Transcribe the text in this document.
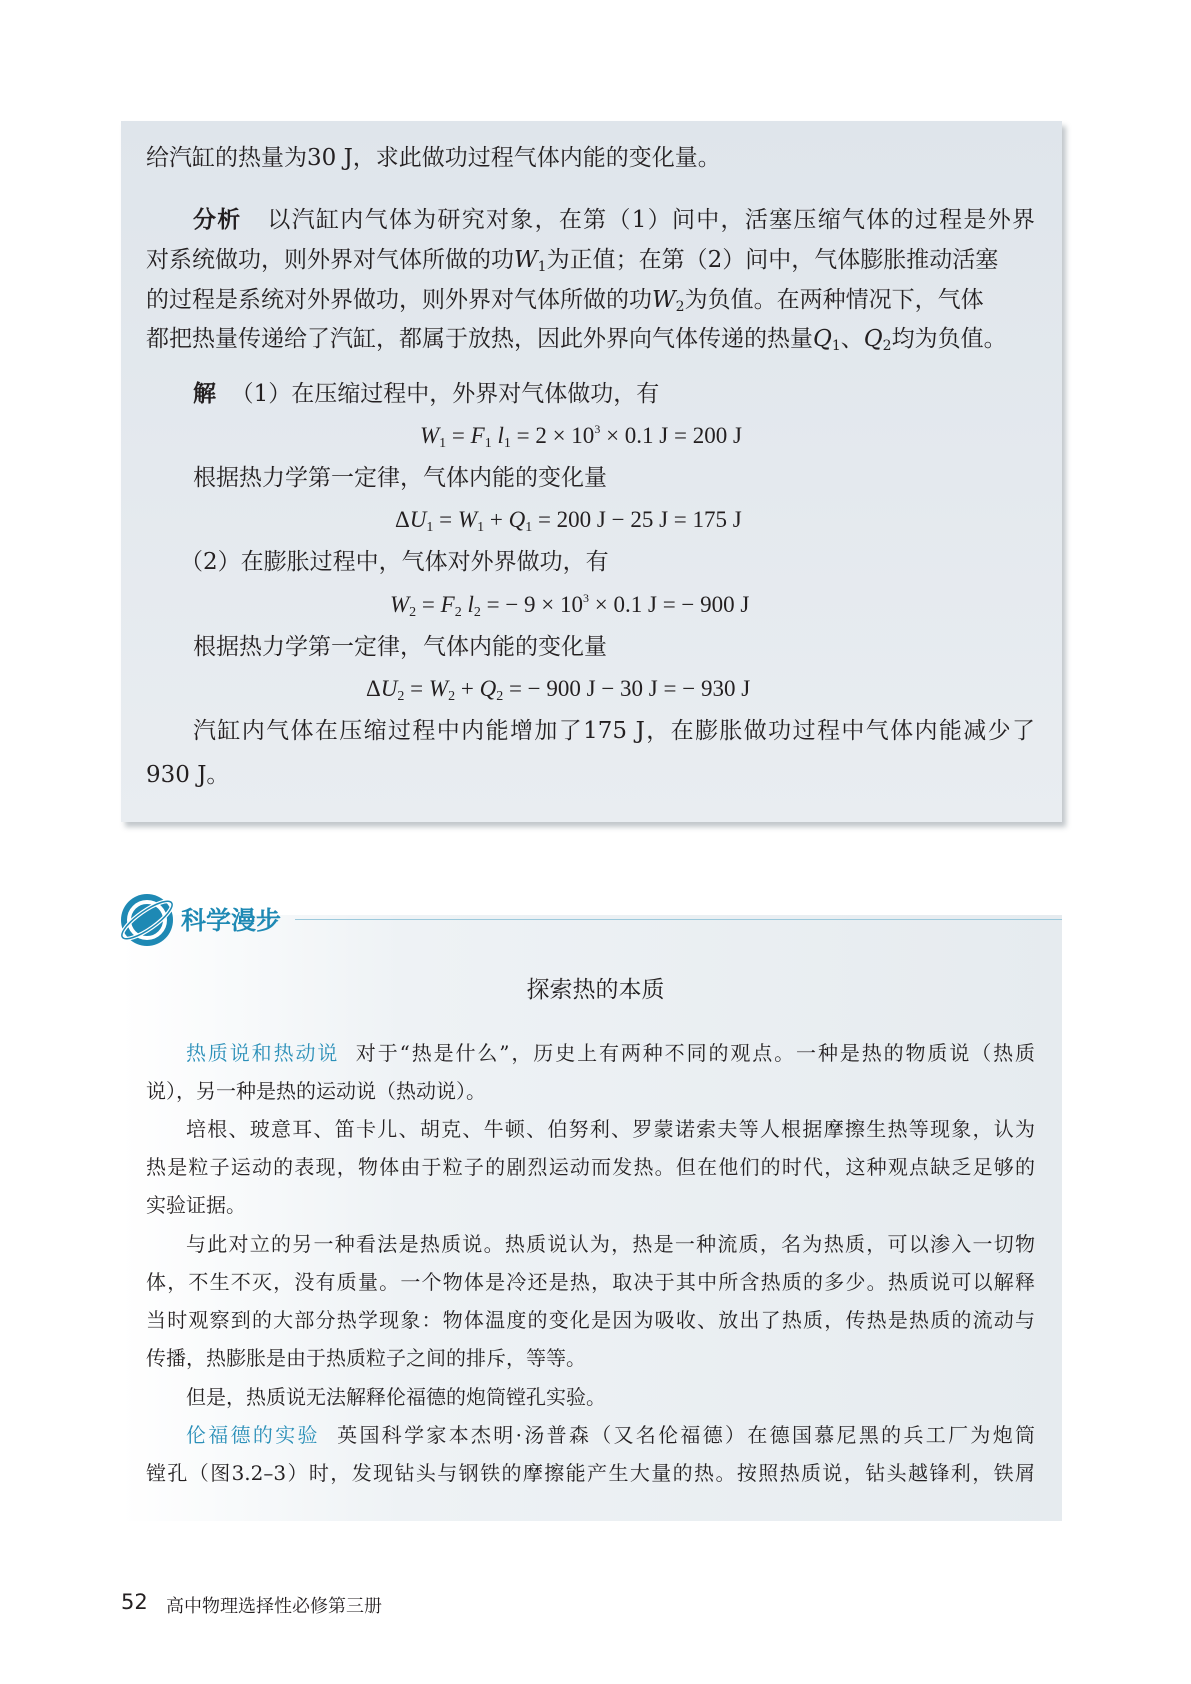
给汽缸的热量为30 J，求此做功过程气体内能的变化量。
分析 以汽缸内气体为研究对象，在第（1）问中，活塞压缩气体的过程是外界
对系统做功，则外界对气体所做的功$W_1$为正值；在第（2）问中，气体膨胀推动活塞
的过程是系统对外界做功，则外界对气体所做的功$W_2$为负值。在两种情况下，气体
都把热量传递给了汽缸，都属于放热，因此外界向气体传递的热量$Q_1$、$Q_2$均为负值。
解 （1）在压缩过程中，外界对气体做功，有
$W_1 = F_1$ $l_1 = 2 \times 10^3 \times 0.1$ J = 200 J
根据热力学第一定律，气体内能的变化量
$\Delta U_1 = W_1 + Q_1 = 200$ J − 25 J = 175 J
（2）在膨胀过程中，气体对外界做功，有
$W_2 = F_2$ $l_2$ = − $9 \times 10^3 \times 0.1$ J = − 900 J
根据热力学第一定律，气体内能的变化量
$\Delta U_2 = W_2 + Q_2$ = − 900 J − 30 J = − 930 J
汽缸内气体在压缩过程中内能增加了175 J，在膨胀做功过程中气体内能减少了
930 J。
科学漫步
探索热的本质
热质说和热动说 对于“热是什么”，历史上有两种不同的观点。一种是热的物质说（热质
说），另一种是热的运动说（热动说）。
培根、玻意耳、笛卡儿、胡克、牛顿、伯努利、罗蒙诺索夫等人根据摩擦生热等现象，认为
热是粒子运动的表现，物体由于粒子的剧烈运动而发热。但在他们的时代，这种观点缺乏足够的
实验证据。
与此对立的另一种看法是热质说。热质说认为，热是一种流质，名为热质，可以渗入一切物
体，不生不灭，没有质量。一个物体是冷还是热，取决于其中所含热质的多少。热质说可以解释
当时观察到的大部分热学现象：物体温度的变化是因为吸收、放出了热质，传热是热质的流动与
传播，热膨胀是由于热质粒子之间的排斥，等等。
但是，热质说无法解释伦福德的炮筒镗孔实验。
伦福德的实验 英国科学家本杰明·汤普森（又名伦福德）在德国慕尼黑的兵工厂为炮筒
镗孔（图3.2–3）时，发现钻头与钢铁的摩擦能产生大量的热。按照热质说，钻头越锋利，铁屑
52 高中物理选择性必修第三册
